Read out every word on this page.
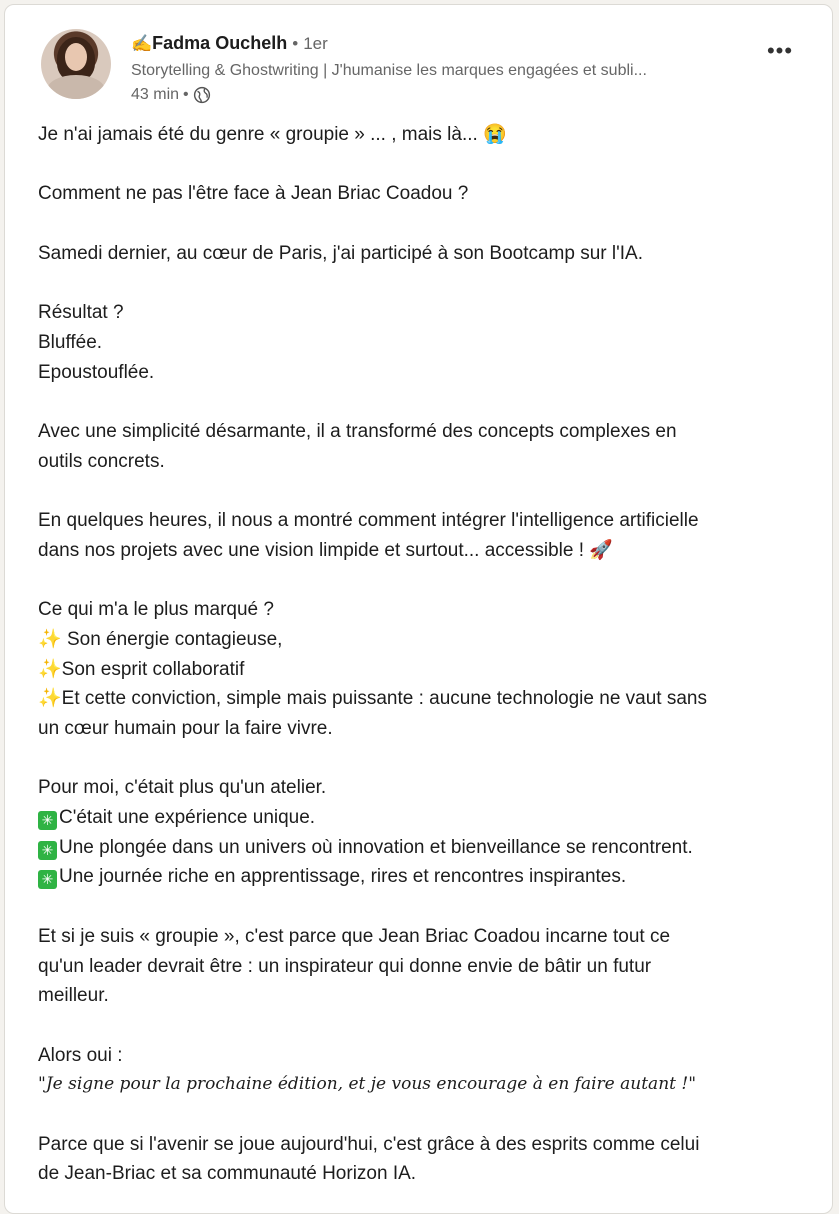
✍️Fadma Ouchelh • 1er
Storytelling & Ghostwriting | J'humanise les marques engagées et subli...
43 min •
•••

Je n'ai jamais été du genre « groupie » ... , mais là... 😭

Comment ne pas l'être face à Jean Briac Coadou ?

Samedi dernier, au cœur de Paris, j'ai participé à son Bootcamp sur l'IA.

Résultat ?

Bluffée.

Epoustouflée.

Avec une simplicité désarmante, il a transformé des concepts complexes en

outils concrets.

En quelques heures, il nous a montré comment intégrer l'intelligence artificielle

dans nos projets avec une vision limpide et surtout... accessible ! 🚀

Ce qui m'a le plus marqué ?

✨ Son énergie contagieuse,

✨Son esprit collaboratif

✨Et cette conviction, simple mais puissante : aucune technologie ne vaut sans

un cœur humain pour la faire vivre.

Pour moi, c'était plus qu'un atelier.

✳ C'était une expérience unique.

✳ Une plongée dans un univers où innovation et bienveillance se rencontrent.

✳ Une journée riche en apprentissage, rires et rencontres inspirantes.

Et si je suis « groupie », c'est parce que Jean Briac Coadou incarne tout ce

qu'un leader devrait être : un inspirateur qui donne envie de bâtir un futur

meilleur.

Alors oui :

"Je signe pour la prochaine édition, et je vous encourage à en faire autant !"

Parce que si l'avenir se joue aujourd'hui, c'est grâce à des esprits comme celui

de Jean-Briac et sa communauté Horizon IA.
